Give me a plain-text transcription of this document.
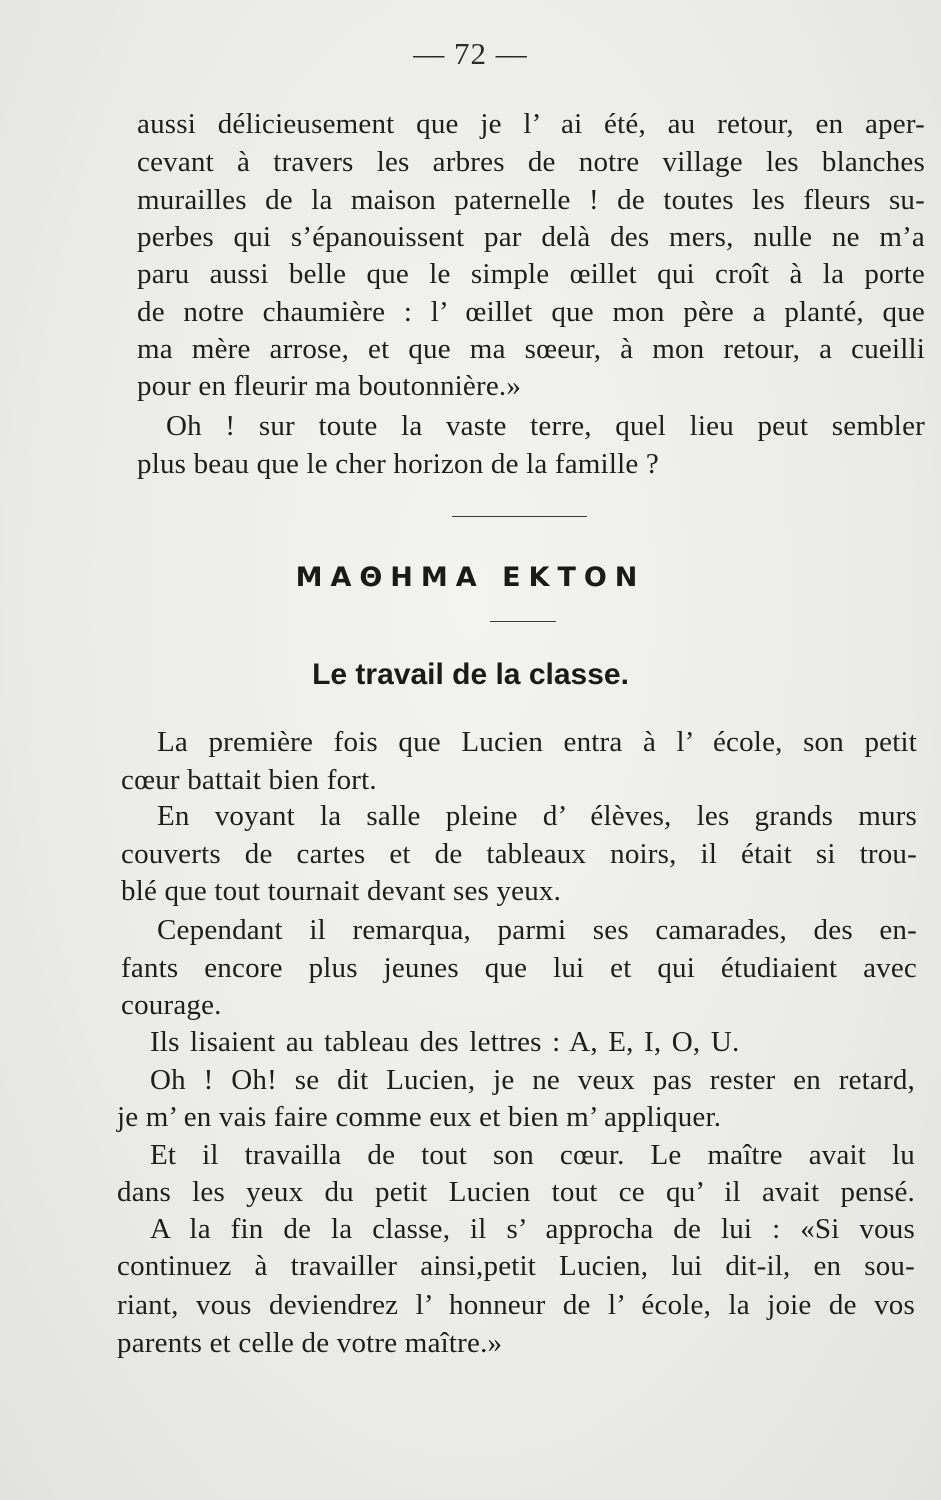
— 72 —

aussi délicieusement que je l’ ai été, au retour, en aper-

cevant à travers les arbres de notre village les blanches

murailles de la maison paternelle ! de toutes les fleurs su-

perbes qui s’épanouissent par delà des mers, nulle ne m’a

paru aussi belle que le simple œillet qui croît à la porte

de notre chaumière : l’ œillet que mon père a planté, que

ma mère arrose, et que ma sœeur, à mon retour, a cueilli

pour en fleurir ma boutonnière.»

Oh ! sur toute la vaste terre, quel lieu peut sembler

plus beau que le cher horizon de la famille ?

ΜΑΘΗΜΑ ΕΚΤΟΝ
Le travail de la classe.

La première fois que Lucien entra à l’ école, son petit

cœur battait bien fort.

En voyant la salle pleine d’ élèves, les grands murs

couverts de cartes et de tableaux noirs, il était si trou-

blé que tout tournait devant ses yeux.

Cependant il remarqua, parmi ses camarades, des en-

fants encore plus jeunes que lui et qui étudiaient avec

courage.

Ils lisaient au tableau des lettres : A, E, I, O, U.

Oh ! Oh! se dit Lucien, je ne veux pas rester en retard,

je m’ en vais faire comme eux et bien m’ appliquer.

Et il travailla de tout son cœur. Le maître avait lu

dans les yeux du petit Lucien tout ce qu’ il avait pensé.

A la fin de la classe, il s’ approcha de lui : «Si vous

continuez à travailler ainsi,petit Lucien, lui dit-il, en sou-

riant, vous deviendrez l’ honneur de l’ école, la joie de vos

parents et celle de votre maître.»
